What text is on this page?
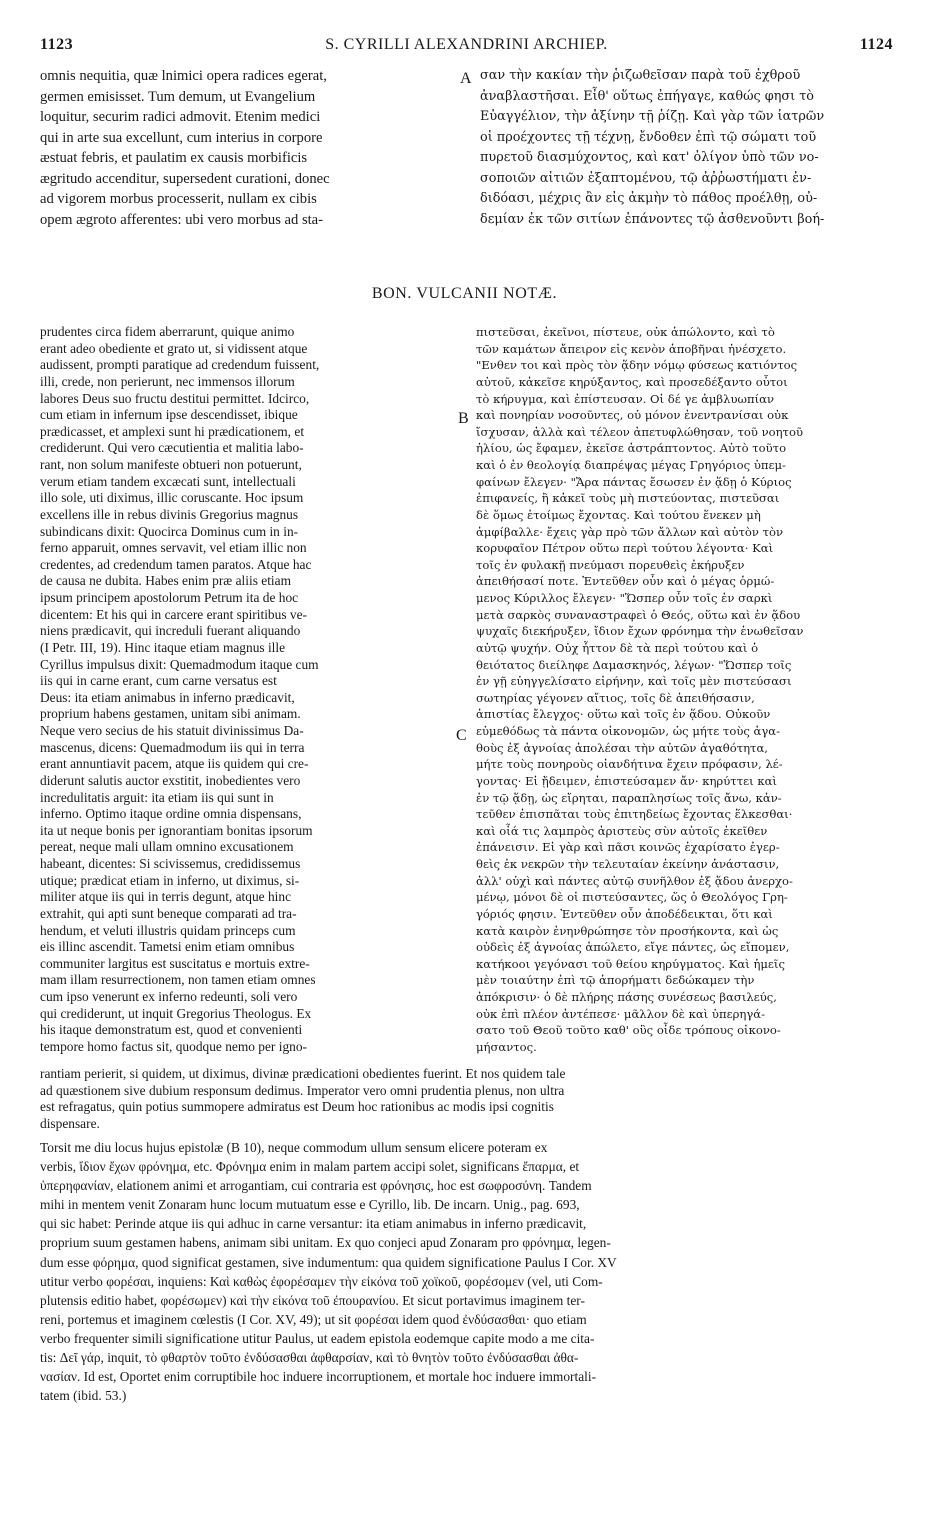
1123	S. CYRILLI ALEXANDRINI ARCHIEP.	1124
omnis nequitia, quæ lnimici opera radices egerat,
germen emisisset. Tum demum, ut Evangelium
loquitur, securim radici admovit. Etenim medici
qui in arte sua excellunt, cum interius in corpore
æstuat febris, et paulatim ex causis morbificis
ægritudo accenditur, supersedent curationi, donec
ad vigorem morbus processerit, nullam ex cibis
opem ægroto afferentes: ubi vero morbus ad sta-
A σαν τὴν κακίαν τὴν ῥιζωθεῖσαν παρὰ τοῦ ἐχθροῦ
ἀναβλαστῆσαι. Εἶθ' οὕτως ἐπήγαγε, καθώς φησι τὸ
Εὐαγγέλιον, τὴν ἀξίνην τῇ ῥίζῃ. Καὶ γὰρ τῶν ἰατρῶν
οἱ προέχοντες τῇ τέχνῃ, ἔνδοθεν ἐπὶ τῷ σώματι τοῦ
πυρετοῦ διασμύχοντος, καὶ κατ' ὀλίγον ὑπὸ τῶν νο-
σοποιῶν αἰτιῶν ἐξαπτομένου, τῷ ἀῤῥωστήματι ἐν-
διδόασι, μέχρις ἂν εἰς ἀκμὴν τὸ πάθος προέλθῃ, οὐ-
δεμίαν ἐκ τῶν σιτίων ἐπάνοντες τῷ ἀσθενοῦντι βοή-
BON. VULCANII NOTÆ.
prudentes circa fidem aberrarunt, quique animo
erant adeo obediente et grato ut, si vidissent atque
audissent, prompti paratique ad credendum fuissent,
illi, crede, non perierunt, nec immensos illorum
labores Deus suo fructu destitui permittet. Idcirco,
cum etiam in infernum ipse descendisset, ibique
prædicasset, et amplexi sunt hi prædicationem, et
crediderunt. Qui vero cæcutientia et malitia labo-
rant, non solum manifeste obtueri non potuerunt,
verum etiam tandem excæcati sunt, intellectuali
illo sole, uti diximus, illic coruscante. Hoc ipsum
excellens ille in rebus divinis Gregorius magnus
subindicans dixit: Quocirca Dominus cum in in-
ferno apparuit, omnes servavit, vel etiam illic non
credentes, ad credendum tamen paratos. Atque hac
de causa ne dubita. Habes enim præ aliis etiam
ipsum principem apostolorum Petrum ita de hoc
dicentem: Et his qui in carcere erant spiritibus ve-
niens prædicavit, qui increduli fuerant aliquando
(I Petr. III, 19). Hinc itaque etiam magnus ille
Cyrillus impulsus dixit: Quemadmodum itaque cum
iis qui in carne erant, cum carne versatus est
Deus: ita etiam animabus in inferno prædicavit,
proprium habens gestamen, unitam sibi animam.
Neque vero secius de his statuit divinissimus Da-
mascenus, dicens: Quemadmodum iis qui in terra
erant annuntiavit pacem, atque iis quidem qui cre-
diderunt salutis auctor exstitit, inobedientes vero
incredulitatis arguit: ita etiam iis qui sunt in
inferno. Optimo itaque ordine omnia dispensans,
ita ut neque bonis per ignorantiam bonitas ipsorum
pereat, neque mali ullam omnino excusationem
habeant, dicentes: Si scivissemus, credidissemus
utique; prædicat etiam in inferno, ut diximus, si-
militer atque iis qui in terris degunt, atque hinc
extrahit, qui apti sunt beneque comparati ad tra-
hendum, et veluti illustris quidam princeps cum
eis illinc ascendit. Tametsi enim etiam omnibus
communiter largitus est suscitatus e mortuis extre-
mam illam resurrectionem, non tamen etiam omnes
cum ipso venerunt ex inferno redeunti, soli vero
qui crediderunt, ut inquit Gregorius Theologus. Ex
his itaque demonstratum est, quod et convenienti
tempore homo factus sit, quodque nemo per igno-
B
C
πιστεῦσαι, ἐκεῖνοι, πίστευε, οὐκ ἀπώλοντο, καὶ τὸ
τῶν καμάτων ἄπειρον εἰς κενὸν ἀποβῆναι ἠνέσχετο.
"Ενθεν τοι καὶ πρὸς τὸν ᾅδην νόμῳ φύσεως κατιόντος
αὐτοῦ, κἀκεῖσε κηρύξαντος, καὶ προσεδέξαντο οὗτοι
τὸ κήρυγμα, καὶ ἐπίστευσαν. Οἱ δέ γε ἀμβλυωπίαν
καὶ πονηρίαν νοσοῦντες, οὐ μόνον ἐνεντρανίσαι οὐκ
ἴσχυσαν, ἀλλὰ καὶ τέλεον ἀπετυφλώθησαν, τοῦ νοητοῦ
ἡλίου, ὡς ἔφαμεν, ἐκεῖσε ἀστράπτοντος. Αὐτὸ τοῦτο
καὶ ὁ ἐν θεολογίᾳ διαπρέψας μέγας Γρηγόριος ὑπεμ-
φαίνων ἔλεγεν· "Ἄρα πάντας ἔσωσεν ἐν ᾅδῃ ὁ Κύριος
ἐπιφανείς, ἢ κἀκεῖ τοὺς μὴ πιστεύοντας, πιστεῦσαι
δὲ ὅμως ἑτοίμως ἔχοντας. Καὶ τούτου ἕνεκεν μὴ
ἀμφίβαλλε· ἔχεις γὰρ πρὸ τῶν ἄλλων καὶ αὐτὸν τὸν
κορυφαῖον Πέτρον οὕτω περὶ τούτου λέγοντα· Καὶ
τοῖς ἐν φυλακῇ πνεύμασι πορευθεὶς ἐκήρυξεν
ἀπειθήσασί ποτε. Ἐντεῦθεν οὖν καὶ ὁ μέγας ὁρμώ-
μενος Κύριλλος ἔλεγεν· "Ὥσπερ οὖν τοῖς ἐν σαρκὶ
μετὰ σαρκὸς συναναστραφεὶ ὁ Θεός, οὕτω καὶ ἐν ᾅδου
ψυχαῖς διεκήρυξεν, ἴδιον ἔχων φρόνημα τὴν ἑνωθεῖσαν
αὐτῷ ψυχήν. Οὐχ ἧττον δὲ τὰ περὶ τούτου καὶ ὁ
θειότατος διείληφε Δαμασκηνός, λέγων· "Ὥσπερ τοῖς
ἐν γῇ εὐηγγελίσατο εἰρήνην, καὶ τοῖς μὲν πιστεύσασι
σωτηρίας γέγονεν αἴτιος, τοῖς δὲ ἀπειθήσασιν,
ἀπιστίας ἔλεγχος· οὕτω καὶ τοῖς ἐν ᾅδου. Οὐκοῦν
εὐμεθόδως τὰ πάντα οἰκονομῶν, ὡς μήτε τοὺς ἀγα-
θοὺς ἐξ ἀγνοίας ἀπολέσαι τὴν αὐτῶν ἀγαθότητα,
μήτε τοὺς πονηροὺς οἱανδήτινα ἔχειν πρόφασιν, λέ-
γοντας· Εἰ ᾔδειμεν, ἐπιστεύσαμεν ἄν· κηρύττει καὶ
ἐν τῷ ᾅδῃ, ὡς εἴρηται, παραπλησίως τοῖς ἄνω, κἀν-
τεῦθεν ἐπισπᾶται τοὺς ἐπιτηδείως ἔχοντας ἕλκεσθαι·
καὶ οἷά τις λαμπρὸς ἀριστεὺς σὺν αὐτοῖς ἐκεῖθεν
ἐπάνεισιν. Εἰ γὰρ καὶ πᾶσι κοινῶς ἐχαρίσατο ἐγερ-
θεὶς ἐκ νεκρῶν τὴν τελευταίαν ἐκείνην ἀνάστασιν,
ἀλλ' οὐχὶ καὶ πάντες αὐτῷ συνῆλθον ἐξ ᾅδου ἀνερχο-
μένῳ, μόνοι δὲ οἱ πιστεύσαντες, ὥς ὁ Θεολόγος Γρη-
γόριός φησιν. Ἐντεῦθεν οὖν ἀποδέδεικται, ὅτι καὶ
κατὰ καιρὸν ἐνηνθρώπησε τὸν προσήκοντα, καὶ ὡς
οὐδεὶς ἐξ ἀγνοίας ἀπώλετο, εἴγε πάντες, ὡς εἴπομεν,
κατήκοοι γεγόνασι τοῦ θείου κηρύγματος. Καὶ ἡμεῖς
μὲν τοιαύτην ἐπὶ τῷ ἀπορήματι δεδώκαμεν τὴν
ἀπόκρισιν· ὁ δὲ πλήρης πάσης συνέσεως βασιλεύς,
οὐκ ἐπὶ πλέον ἀντέπεσε· μᾶλλον δὲ καὶ ὑπερηγά-
σατο τοῦ Θεοῦ τοῦτο καθ' οὓς οἶδε τρόπους οἰκονο-
μήσαντος.
rantiam perierit, si quidem, ut diximus, divinæ prædicationi obedientes fuerint. Et nos quidem tale
ad quæstionem sive dubium responsum dedimus. Imperator vero omni prudentia plenus, non ultra
est refragatus, quin potius summopere admiratus est Deum hoc rationibus ac modis ipsi cognitis
dispensare.
Torsit me diu locus hujus epistolæ (B 10), neque commodum ullum sensum elicere poteram ex
verbis, ἴδιον ἔχων φρόνημα, etc. Φρόνημα enim in malam partem accipi solet, significans ἔπαρμα, et
ὑπερηφανίαν, elationem animi et arrogantiam, cui contraria est φρόνησις, hoc est σωφροσύνη. Tandem
mihi in mentem venit Zonaram hunc locum mutuatum esse e Cyrillo, lib. De incarn. Unig., pag. 693,
qui sic habet: Perinde atque iis qui adhuc in carne versantur: ita etiam animabus in inferno prædicavit,
proprium suum gestamen habens, animam sibi unitam. Ex quo conjeci apud Zonaram pro φρόνημα, legen-
dum esse φόρημα, quod significat gestamen, sive indumentum: qua quidem significatione Paulus I Cor. XV
utitur verbo φορέσαι, inquiens: Καὶ καθὼς ἐφορέσαμεν τὴν εἰκόνα τοῦ χοϊκοῦ, φορέσομεν (vel, uti Com-
plutensis editio habet, φορέσωμεν) καὶ τὴν εἰκόνα τοῦ ἐπουρανίου. Et sicut portavimus imaginem ter-
reni, portemus et imaginem cœlestis (I Cor. XV, 49); ut sit φορέσαι idem quod ἐνδύσασθαι· quo etiam
verbo frequenter simili significatione utitur Paulus, ut eadem epistola eodemque capite modo a me cita-
tis: Δεῖ γάρ, inquit, τὸ φθαρτὸν τοῦτο ἐνδύσασθαι ἀφθαρσίαν, καὶ τὸ θνητὸν τοῦτο ἐνδύσασθαι ἀθα-
νασίαν. Id est, Oportet enim corruptibile hoc induere incorruptionem, et mortale hoc induere immortali-
tatem (ibid. 53.)
